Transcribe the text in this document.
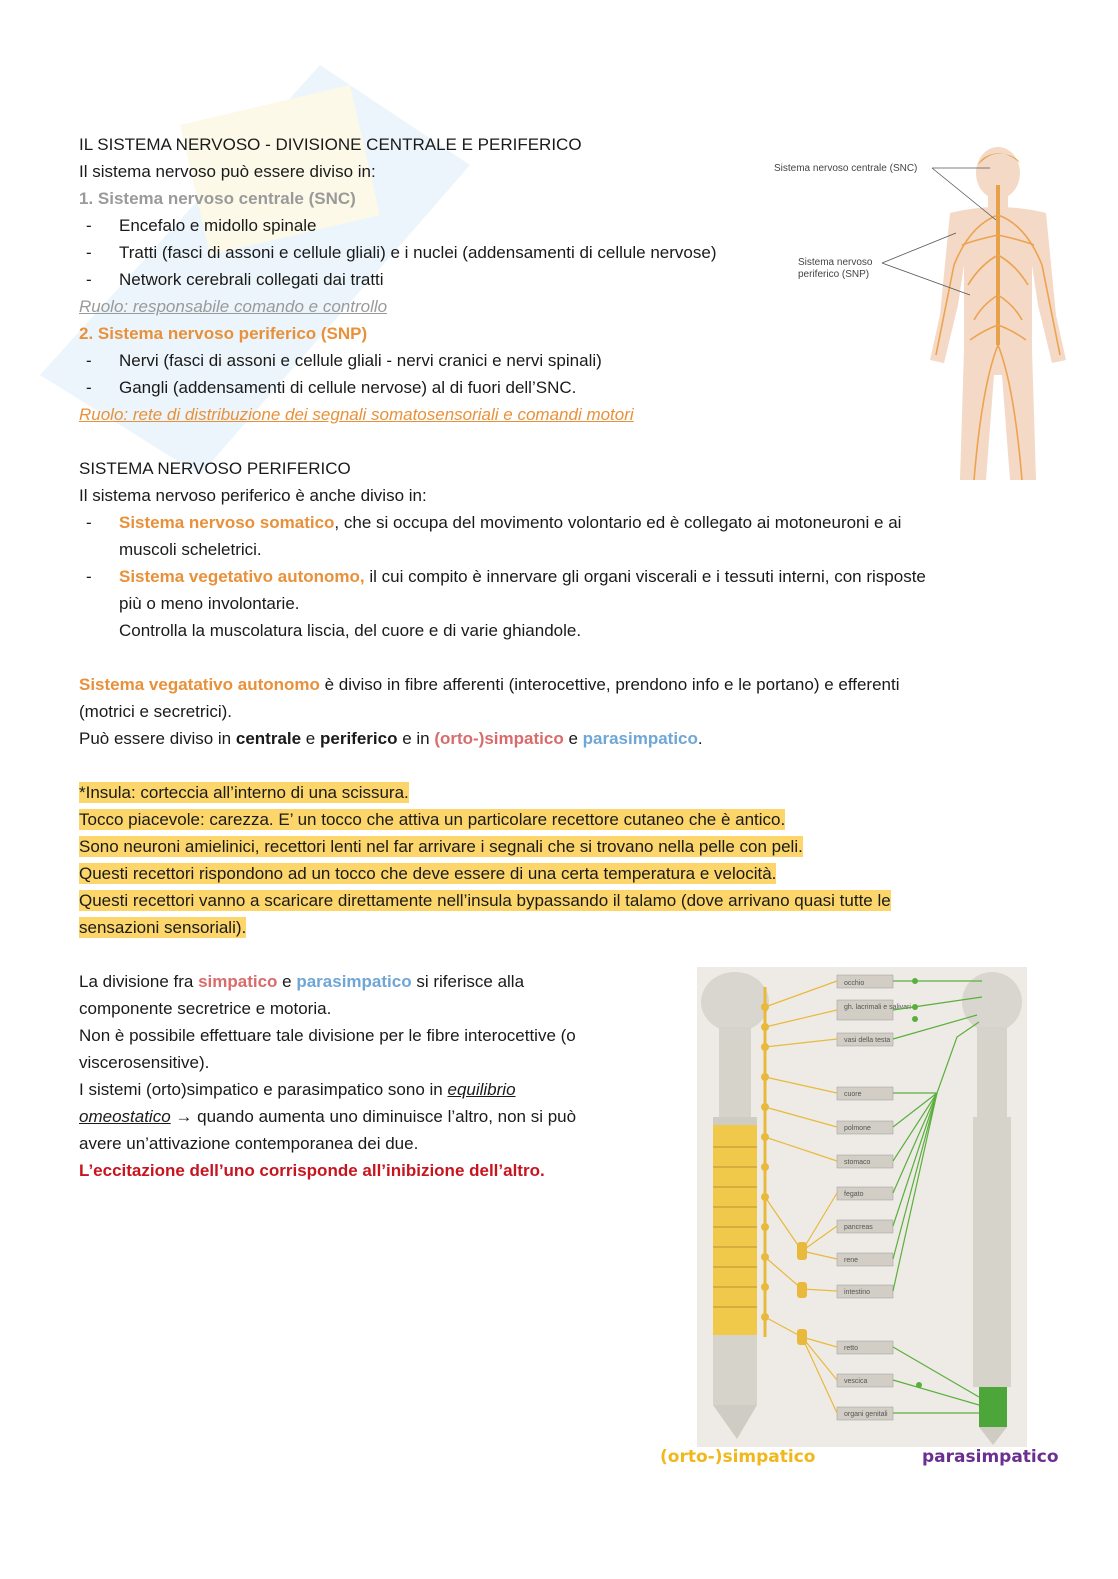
IL SISTEMA NERVOSO - DIVISIONE CENTRALE E PERIFERICO
Il sistema nervoso può essere diviso in:
1. Sistema nervoso centrale (SNC)
- Encefalo e midollo spinale
- Tratti (fasci di assoni e cellule gliali) e i nuclei (addensamenti di cellule nervose)
- Network cerebrali collegati dai tratti
Ruolo: responsabile comando e controllo
2. Sistema nervoso periferico (SNP)
- Nervi (fasci di assoni e cellule gliali - nervi cranici e nervi spinali)
- Gangli (addensamenti di cellule nervose) al di fuori dell’SNC.
Ruolo: rete di distribuzione dei segnali somatosensoriali e comandi motori
Sistema nervoso centrale (SNC)
Sistema nervoso
periferico (SNP)
SISTEMA NERVOSO PERIFERICO
Il sistema nervoso periferico è anche diviso in:
- Sistema nervoso somatico, che si occupa del movimento volontario ed è collegato ai motoneuroni e ai
muscoli scheletrici.
- Sistema vegetativo autonomo, il cui compito è innervare gli organi viscerali e i tessuti interni, con risposte
più o meno involontarie.
Controlla la muscolatura liscia, del cuore e di varie ghiandole.
Sistema vegatativo autonomo è diviso in fibre afferenti (interocettive, prendono info e le portano) e efferenti
(motrici e secretrici).
Può essere diviso in centrale e periferico e in (orto-)simpatico e parasimpatico.
*Insula: corteccia all’interno di una scissura.
Tocco piacevole: carezza. E’ un tocco che attiva un particolare recettore cutaneo che è antico.
Sono neuroni amielinici, recettori lenti nel far arrivare i segnali che si trovano nella pelle con peli.
Questi recettori rispondono ad un tocco che deve essere di una certa temperatura e velocità.
Questi recettori vanno a scaricare direttamente nell’insula bypassando il talamo (dove arrivano quasi tutte le
sensazioni sensoriali).
La divisione fra simpatico e parasimpatico si riferisce alla
componente secretrice e motoria.
Non è possibile effettuare tale divisione per le fibre interocettive (o
viscerosensitive).
I sistemi (orto)simpatico e parasimpatico sono in equilibrio
omeostatico → quando aumenta uno diminuisce l’altro, non si può
avere un’attivazione contemporanea dei due.
L’eccitazione dell’uno corrisponde all’inibizione dell’altro.
occhio
gh. lacrimali e salivari
vasi della testa
cuore
polmone
stomaco
fegato
pancreas
rene
intestino
retto
vescica
organi genitali
(orto-)simpatico	parasimpatico
